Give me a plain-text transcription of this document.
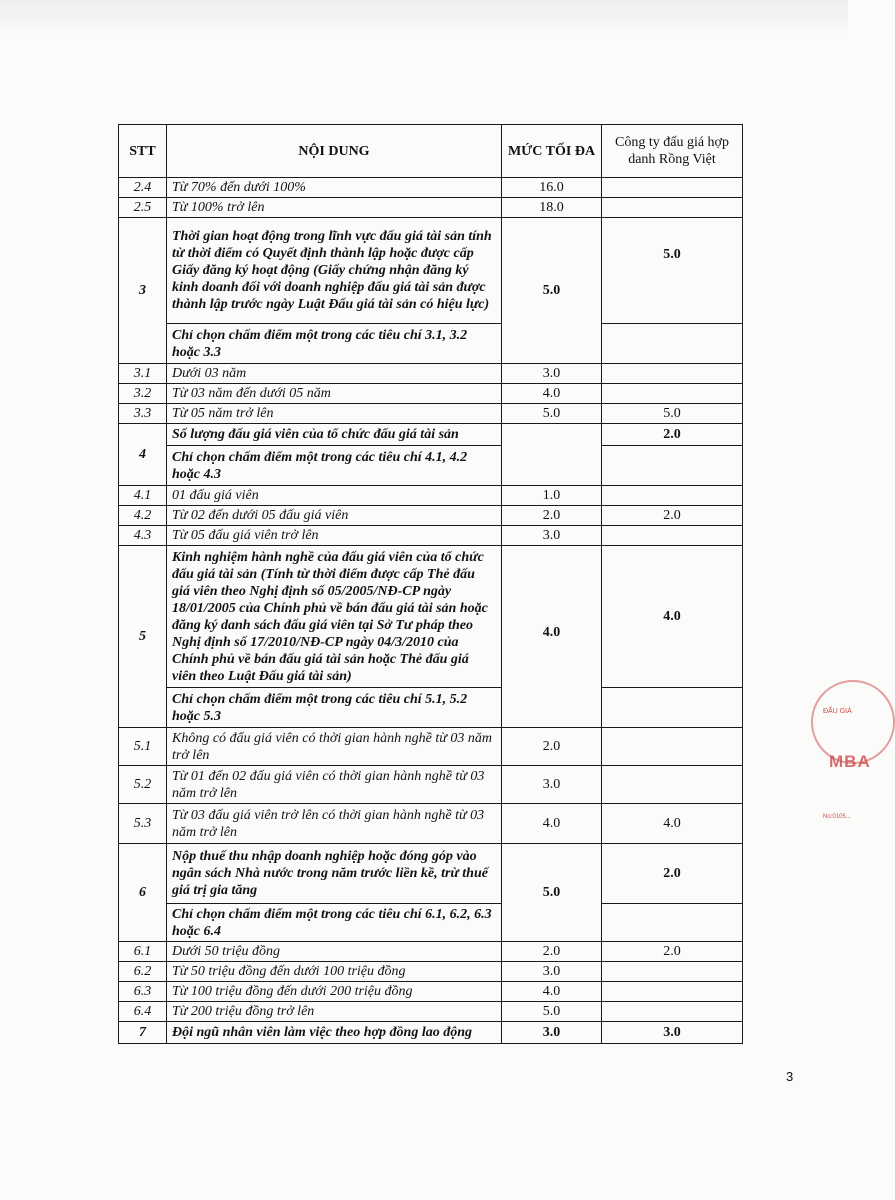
STT	NỘI DUNG	MỨC TỐI ĐA	Công ty đấu giá hợp danh Rồng Việt
2.4	Từ 70% đến dưới 100%	16.0	
2.5	Từ 100% trở lên	18.0	
3	Thời gian hoạt động trong lĩnh vực đấu giá tài sản tính từ thời điểm có Quyết định thành lập hoặc được cấp Giấy đăng ký hoạt động (Giấy chứng nhận đăng ký kinh doanh đối với doanh nghiệp đấu giá tài sản được thành lập trước ngày Luật Đấu giá tài sản có hiệu lực)	5.0	5.0
	Chỉ chọn chấm điểm một trong các tiêu chí 3.1, 3.2 hoặc 3.3		
3.1	Dưới 03 năm	3.0	
3.2	Từ 03 năm đến dưới 05 năm	4.0	
3.3	Từ 05 năm trở lên	5.0	5.0
4	Số lượng đấu giá viên của tổ chức đấu giá tài sản		2.0
	Chỉ chọn chấm điểm một trong các tiêu chí 4.1, 4.2 hoặc 4.3		
4.1	01 đấu giá viên	1.0	
4.2	Từ 02 đến dưới 05 đấu giá viên	2.0	2.0
4.3	Từ 05 đấu giá viên trở lên	3.0	
5	Kinh nghiệm hành nghề của đấu giá viên của tổ chức đấu giá tài sản (Tính từ thời điểm được cấp Thẻ đấu giá viên theo Nghị định số 05/2005/NĐ-CP ngày 18/01/2005 của Chính phủ về bán đấu giá tài sản hoặc đăng ký danh sách đấu giá viên tại Sở Tư pháp theo Nghị định số 17/2010/NĐ-CP ngày 04/3/2010 của Chính phủ về bán đấu giá tài sản hoặc Thẻ đấu giá viên theo Luật Đấu giá tài sản)	4.0	4.0
	Chỉ chọn chấm điểm một trong các tiêu chí 5.1, 5.2 hoặc 5.3		
5.1	Không có đấu giá viên có thời gian hành nghề từ 03 năm trở lên	2.0	
5.2	Từ 01 đến 02 đấu giá viên có thời gian hành nghề từ 03 năm trở lên	3.0	
5.3	Từ 03 đấu giá viên trở lên có thời gian hành nghề từ 03 năm trở lên	4.0	4.0
6	Nộp thuế thu nhập doanh nghiệp hoặc đóng góp vào ngân sách Nhà nước trong năm trước liền kề, trừ thuế giá trị gia tăng	5.0	2.0
	Chỉ chọn chấm điểm một trong các tiêu chí 6.1, 6.2, 6.3 hoặc 6.4		
6.1	Dưới 50 triệu đồng	2.0	2.0
6.2	Từ 50 triệu đồng đến dưới 100 triệu đồng	3.0	
6.3	Từ 100 triệu đồng đến dưới 200 triệu đồng	4.0	
6.4	Từ 200 triệu đồng trở lên	5.0	
7	Đội ngũ nhân viên làm việc theo hợp đồng lao động	3.0	3.0
ĐẤU GIÁ
MBA
No:0105...
3
